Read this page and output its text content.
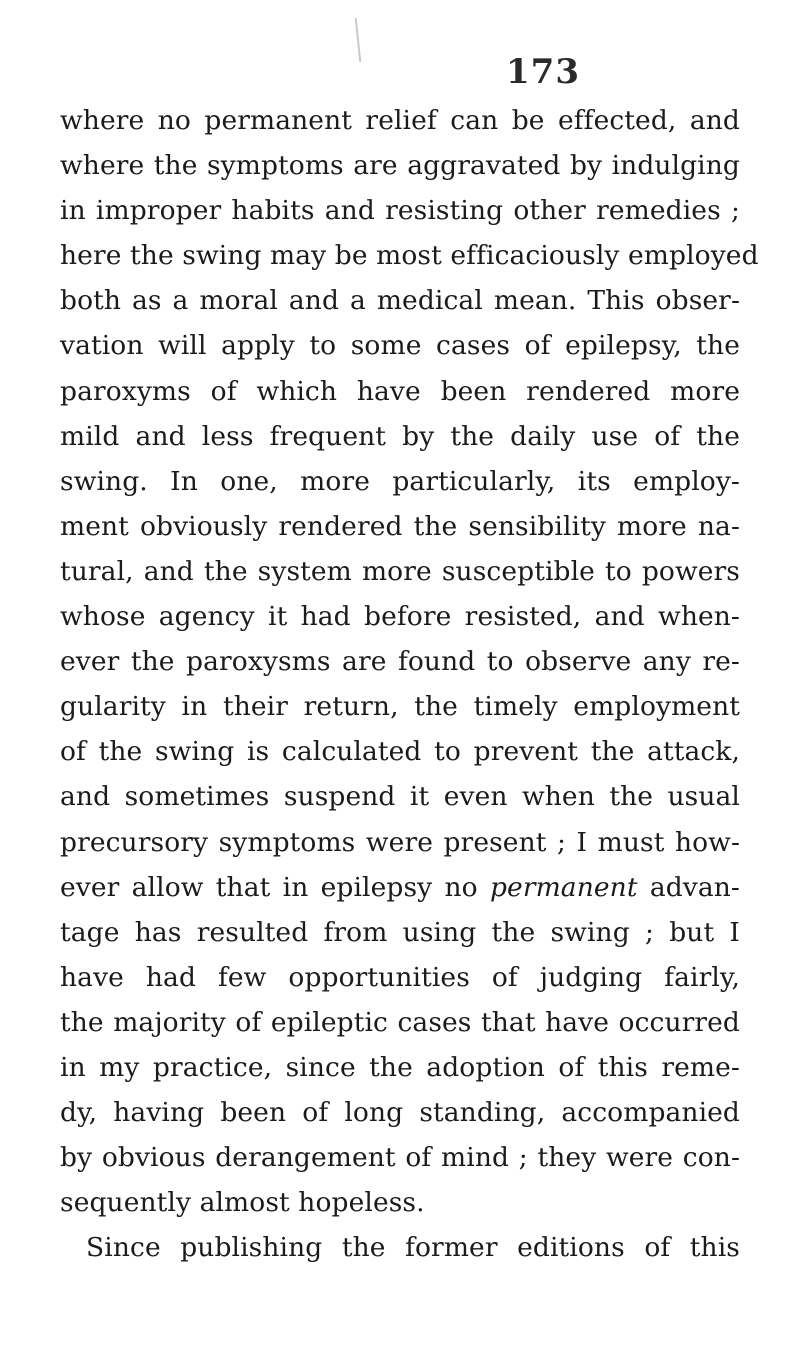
173
where no permanent relief can be effected, and
where the symptoms are aggravated by indulging
in improper habits and resisting other remedies ;
here the swing may be most efficaciously employed
both as a moral and a medical mean. This obser-
vation will apply to some cases of epilepsy, the
paroxyms of which have been rendered more
mild and less frequent by the daily use of the
swing. In one, more particularly, its employ-
ment obviously rendered the sensibility more na-
tural, and the system more susceptible to powers
whose agency it had before resisted, and when-
ever the paroxysms are found to observe any re-
gularity in their return, the timely employment
of the swing is calculated to prevent the attack,
and sometimes suspend it even when the usual
precursory symptoms were present ; I must how-
ever allow that in epilepsy no permanent advan-
tage has resulted from using the swing ; but I
have had few opportunities of judging fairly,
the majority of epileptic cases that have occurred
in my practice, since the adoption of this reme-
dy, having been of long standing, accompanied
by obvious derangement of mind ; they were con-
sequently almost hopeless.
Since publishing the former editions of this
